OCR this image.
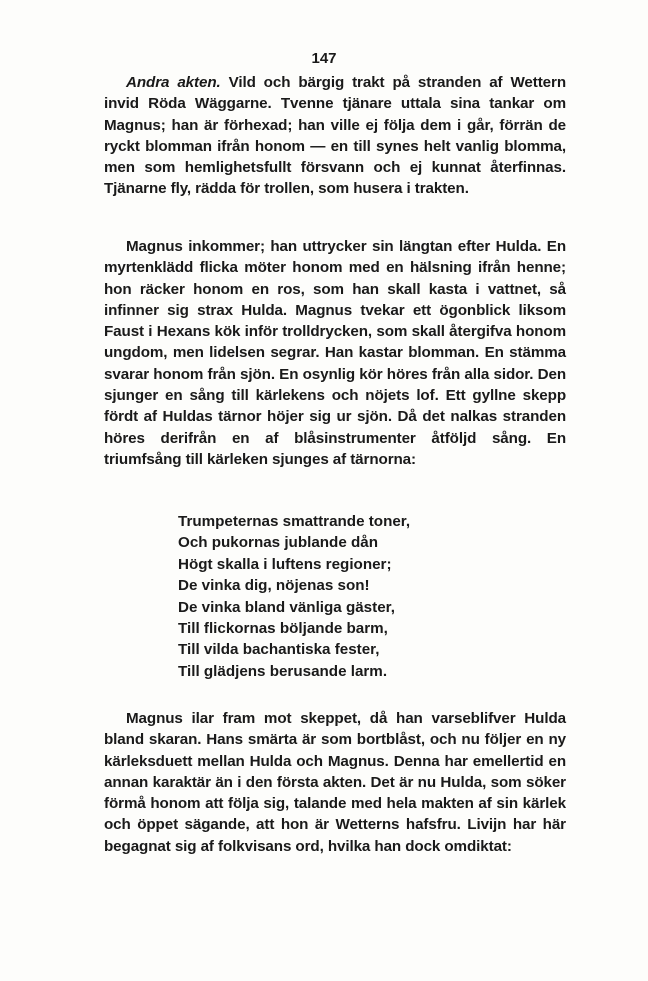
147

Andra akten. Vild och bärgig trakt på stranden af Wettern invid Röda Wäggarne. Tvenne tjänare uttala sina tankar om Magnus; han är förhexad; han ville ej följa dem i går, förrän de ryckt blomman ifrån honom — en till synes helt vanlig blomma, men som hemlighetsfullt försvann och ej kunnat återfinnas. Tjänarne fly, rädda för trollen, som husera i trakten.

Magnus inkommer; han uttrycker sin längtan efter Hulda. En myrtenklädd flicka möter honom med en hälsning ifrån henne; hon räcker honom en ros, som han skall kasta i vattnet, så infinner sig strax Hulda. Magnus tvekar ett ögonblick liksom Faust i Hexans kök inför trolldrycken, som skall återgifva honom ungdom, men lidelsen segrar. Han kastar blomman. En stämma svarar honom från sjön. En osynlig kör höres från alla sidor. Den sjunger en sång till kärlekens och nöjets lof. Ett gyllne skepp fördt af Huldas tärnor höjer sig ur sjön. Då det nalkas stranden höres derifrån en af blåsinstrumenter åtföljd sång. En triumfsång till kärleken sjunges af tärnorna:

Trumpeternas smattrande toner,
Och pukornas jublande dån
Högt skalla i luftens regioner;
De vinka dig, nöjenas son!
De vinka bland vänliga gäster,
Till flickornas böljande barm,
Till vilda bachantiska fester,
Till glädjens berusande larm.

Magnus ilar fram mot skeppet, då han varseblifver Hulda bland skaran. Hans smärta är som bortblåst, och nu följer en ny kärleksduett mellan Hulda och Magnus. Denna har emellertid en annan karaktär än i den första akten. Det är nu Hulda, som söker förmå honom att följa sig, talande med hela makten af sin kärlek och öppet sägande, att hon är Wetterns hafsfru. Livijn har här begagnat sig af folkvisans ord, hvilka han dock omdiktat:
